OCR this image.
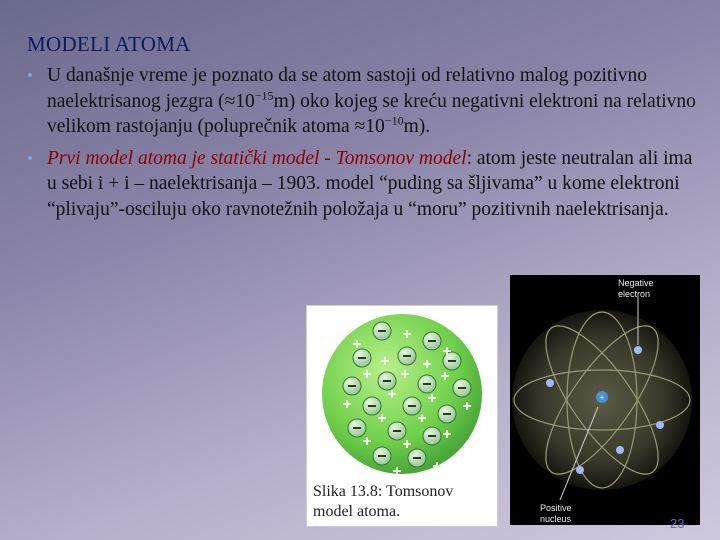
MODELI ATOMA
• U današnje vreme je poznato da se atom sastoji od relativno malog pozitivno naelektrisanog jezgra $(\approx 10^{-15}m)$ oko kojeg se kreću negativni elektroni na relativno velikom rastojanju (poluprečnik atoma $\approx 10^{-10}m$).
• Prvi model atoma je statički model - Tomsonov model: atom jeste neutralan ali ima u sebi i + i – naelektrisanja – 1903. model “puding sa šljivama” u kome elektroni “plivaju”-osciluju oko ravnotežnih položaja u “moru” pozitivnih naelektrisanja.
Slika 13.8: Tomsonov
model atoma.
+
Negative
electron
Positive
nucleus	23
